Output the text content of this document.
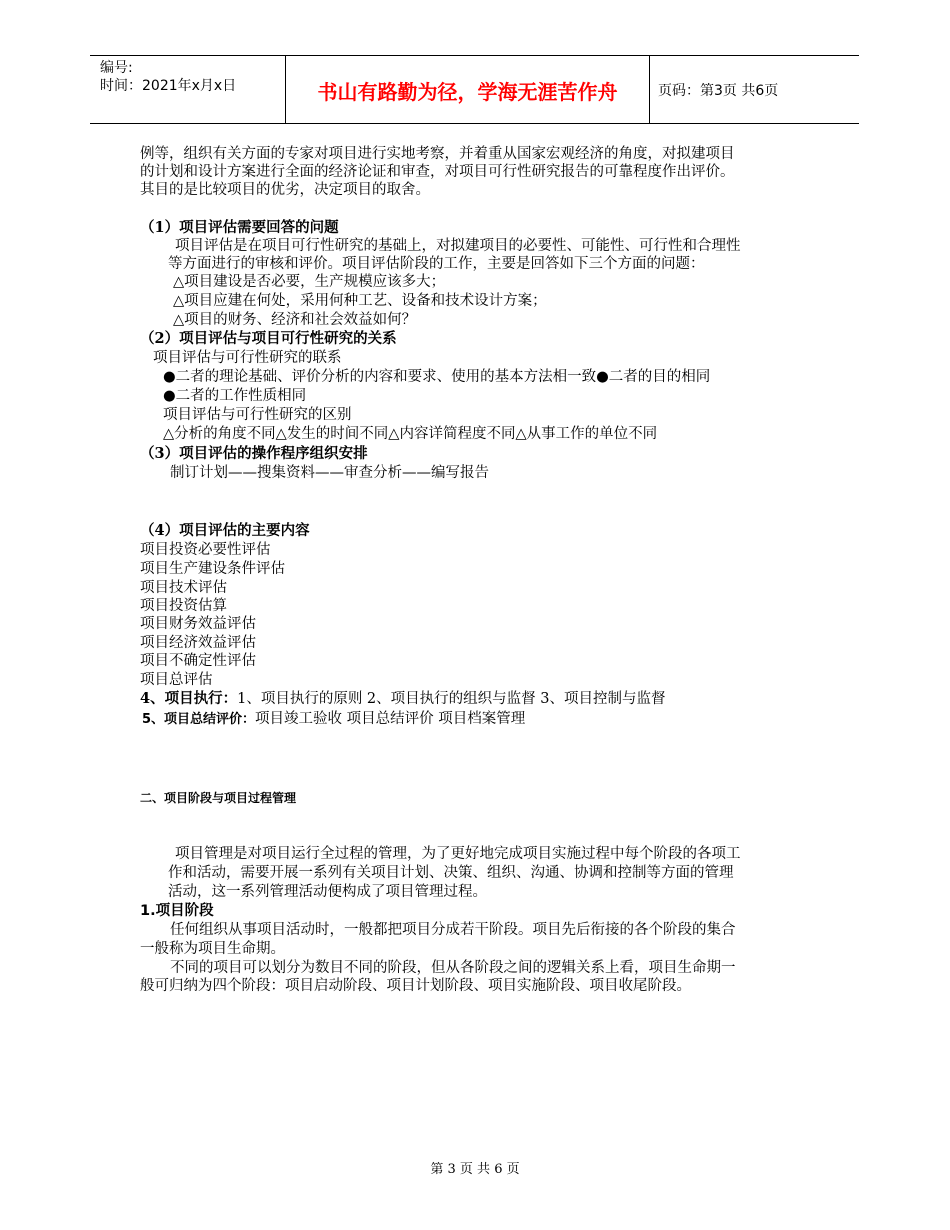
编号:
时间：2021年x月x日	书山有路勤为径，学海无涯苦作舟	页码：第3页 共6页
例等，组织有关方面的专家对项目进行实地考察，并着重从国家宏观经济的角度，对拟建项目
的计划和设计方案进行全面的经济论证和审查，对项目可行性研究报告的可靠程度作出评价。
其目的是比较项目的优劣，决定项目的取舍。
（1）项目评估需要回答的问题
项目评估是在项目可行性研究的基础上，对拟建项目的必要性、可能性、可行性和合理性
等方面进行的审核和评价。项目评估阶段的工作，主要是回答如下三个方面的问题：
△项目建设是否必要，生产规模应该多大；
△项目应建在何处，采用何种工艺、设备和技术设计方案；
△项目的财务、经济和社会效益如何？
（2）项目评估与项目可行性研究的关系
项目评估与可行性研究的联系
●二者的理论基础、评价分析的内容和要求、使用的基本方法相一致●二者的目的相同
●二者的工作性质相同
项目评估与可行性研究的区别
△分析的角度不同△发生的时间不同△内容详简程度不同△从事工作的单位不同
（3）项目评估的操作程序组织安排
制订计划——搜集资料——审查分析——编写报告
（4）项目评估的主要内容
项目投资必要性评估
项目生产建设条件评估
项目技术评估
项目投资估算
项目财务效益评估
项目经济效益评估
项目不确定性评估
项目总评估
4、项目执行：1、项目执行的原则 2、项目执行的组织与监督 3、项目控制与监督
5、项目总结评价：项目竣工验收 项目总结评价 项目档案管理
二、项目阶段与项目过程管理
项目管理是对项目运行全过程的管理，为了更好地完成项目实施过程中每个阶段的各项工
作和活动，需要开展一系列有关项目计划、决策、组织、沟通、协调和控制等方面的管理
活动，这一系列管理活动便构成了项目管理过程。
1.项目阶段
任何组织从事项目活动时，一般都把项目分成若干阶段。项目先后衔接的各个阶段的集合
一般称为项目生命期。
不同的项目可以划分为数目不同的阶段，但从各阶段之间的逻辑关系上看，项目生命期一
般可归纳为四个阶段：项目启动阶段、项目计划阶段、项目实施阶段、项目收尾阶段。
第 3 页 共 6 页
